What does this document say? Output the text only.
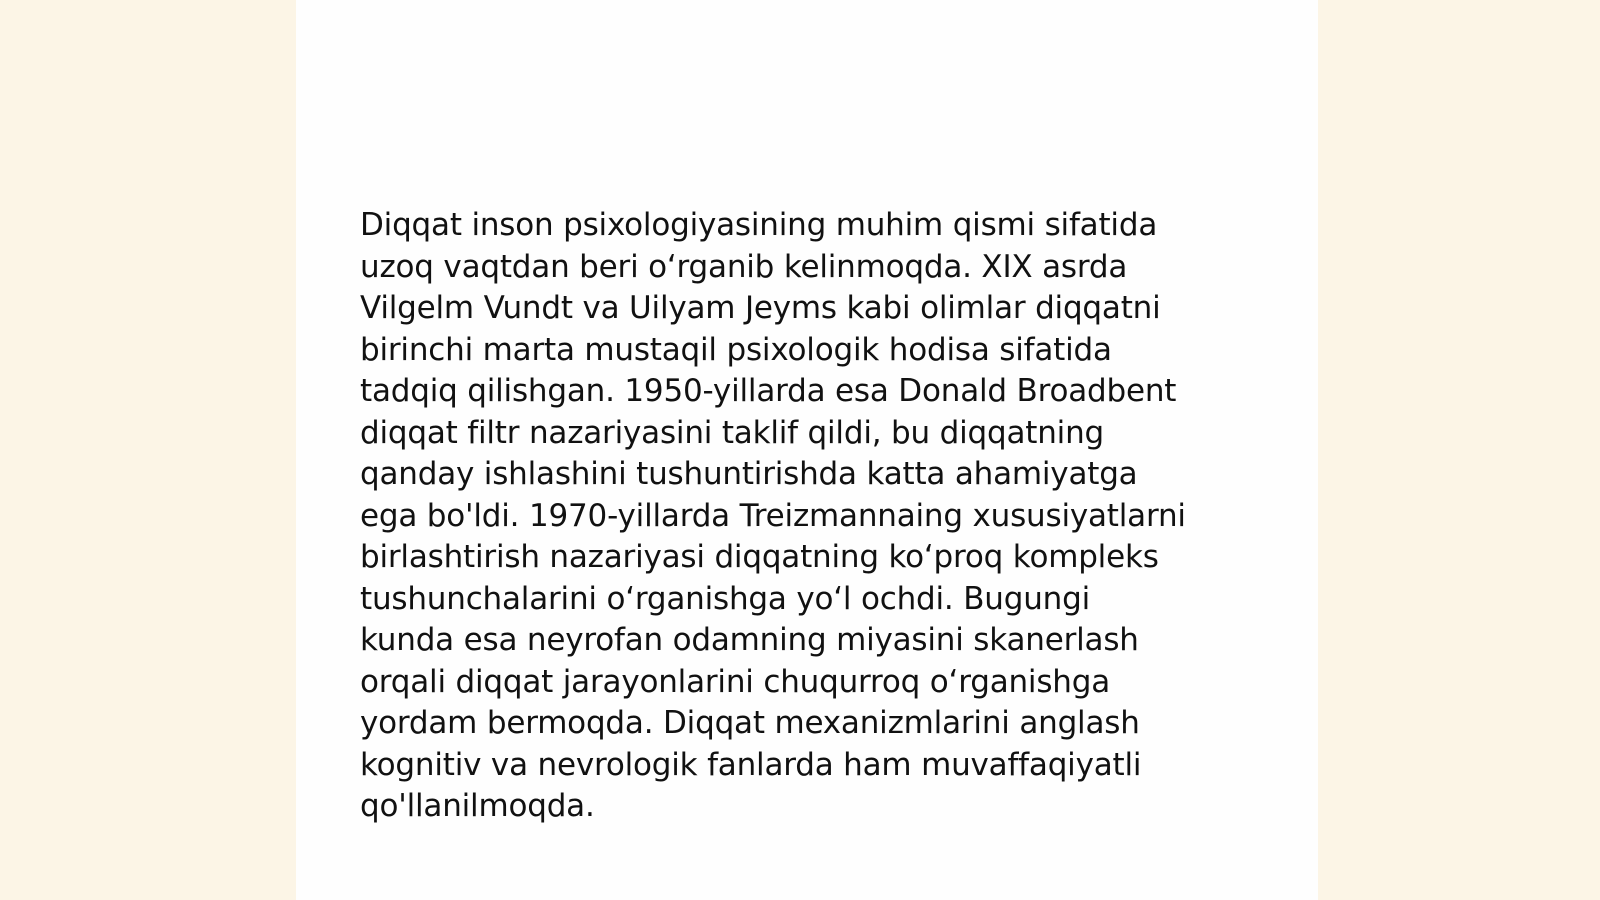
Diqqat inson psixologiyasining muhim qismi sifatida
uzoq vaqtdan beri o‘rganib kelinmoqda. XIX asrda
Vilgelm Vundt va Uilyam Jeyms kabi olimlar diqqatni
birinchi marta mustaqil psixologik hodisa sifatida
tadqiq qilishgan. 1950-yillarda esa Donald Broadbent
diqqat filtr nazariyasini taklif qildi, bu diqqatning
qanday ishlashini tushuntirishda katta ahamiyatga
ega bo'ldi. 1970-yillarda Treizmannaing xususiyatlarni
birlashtirish nazariyasi diqqatning ko‘proq kompleks
tushunchalarini o‘rganishga yo‘l ochdi. Bugungi
kunda esa neyrofan odamning miyasini skanerlash
orqali diqqat jarayonlarini chuqurroq o‘rganishga
yordam bermoqda. Diqqat mexanizmlarini anglash
kognitiv va nevrologik fanlarda ham muvaffaqiyatli
qo'llanilmoqda.
